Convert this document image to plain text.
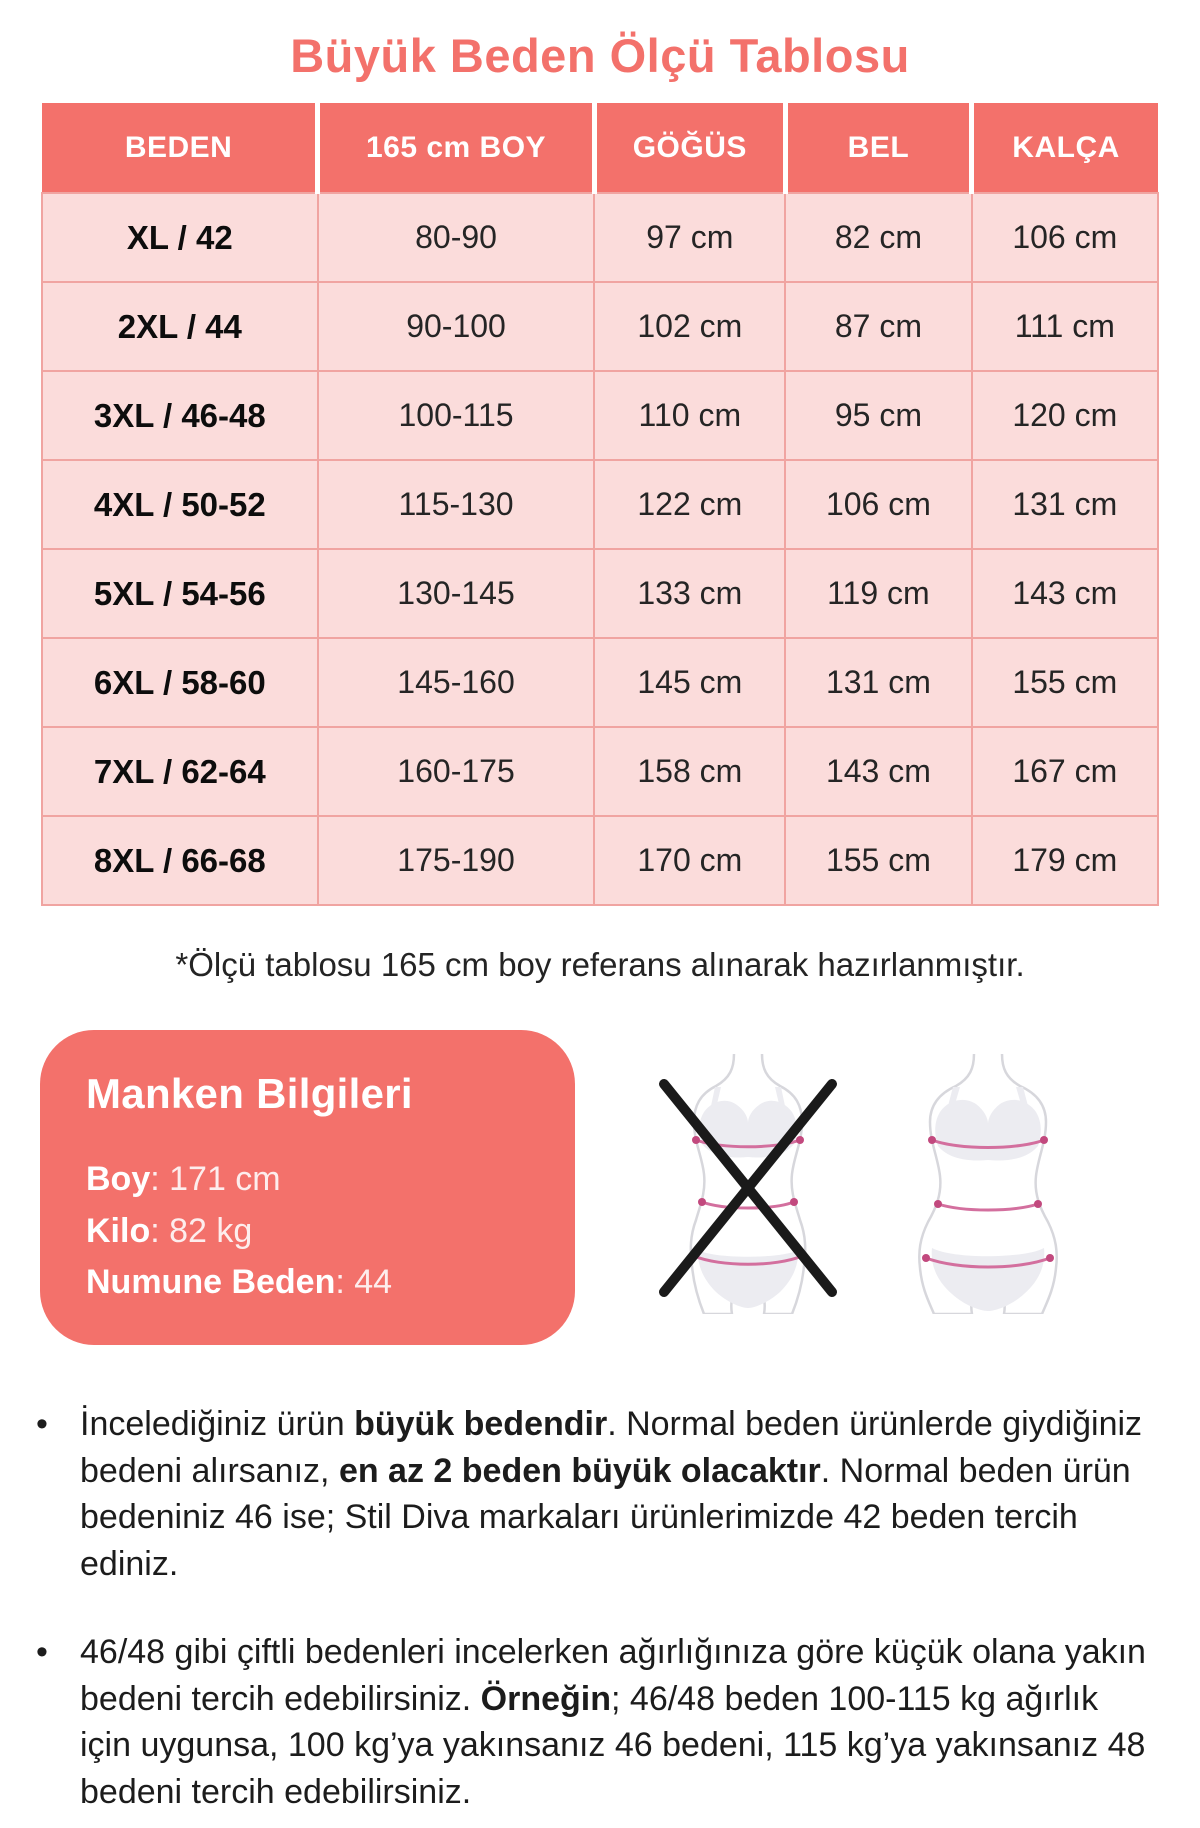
Büyük Beden Ölçü Tablosu
BEDEN	165 cm BOY	GÖĞÜS	BEL	KALÇA
XL / 42	80-90	97 cm	82 cm	106 cm
2XL / 44	90-100	102 cm	87 cm	111 cm
3XL / 46-48	100-115	110 cm	95 cm	120 cm
4XL / 50-52	115-130	122 cm	106 cm	131 cm
5XL / 54-56	130-145	133 cm	119 cm	143 cm
6XL / 58-60	145-160	145 cm	131 cm	155 cm
7XL / 62-64	160-175	158 cm	143 cm	167 cm
8XL / 66-68	175-190	170 cm	155 cm	179 cm

*Ölçü tablosu 165 cm boy referans alınarak hazırlanmıştır.

Manken Bilgileri

Boy: 171 cm

Kilo: 82 kg

Numune Beden: 44

• İncelediğiniz ürün büyük bedendir. Normal beden ürünlerde giydiğiniz bedeni alırsanız, en az 2 beden büyük olacaktır. Normal beden ürün bedeniniz 46 ise; Stil Diva markaları ürünlerimizde 42 beden tercih ediniz.
• 46/48 gibi çiftli bedenleri incelerken ağırlığınıza göre küçük olana yakın bedeni tercih edebilirsiniz. Örneğin; 46/48 beden 100-115 kg ağırlık için uygunsa, 100 kg’ya yakınsanız 46 bedeni, 115 kg’ya yakınsanız 48 bedeni tercih edebilirsiniz.
